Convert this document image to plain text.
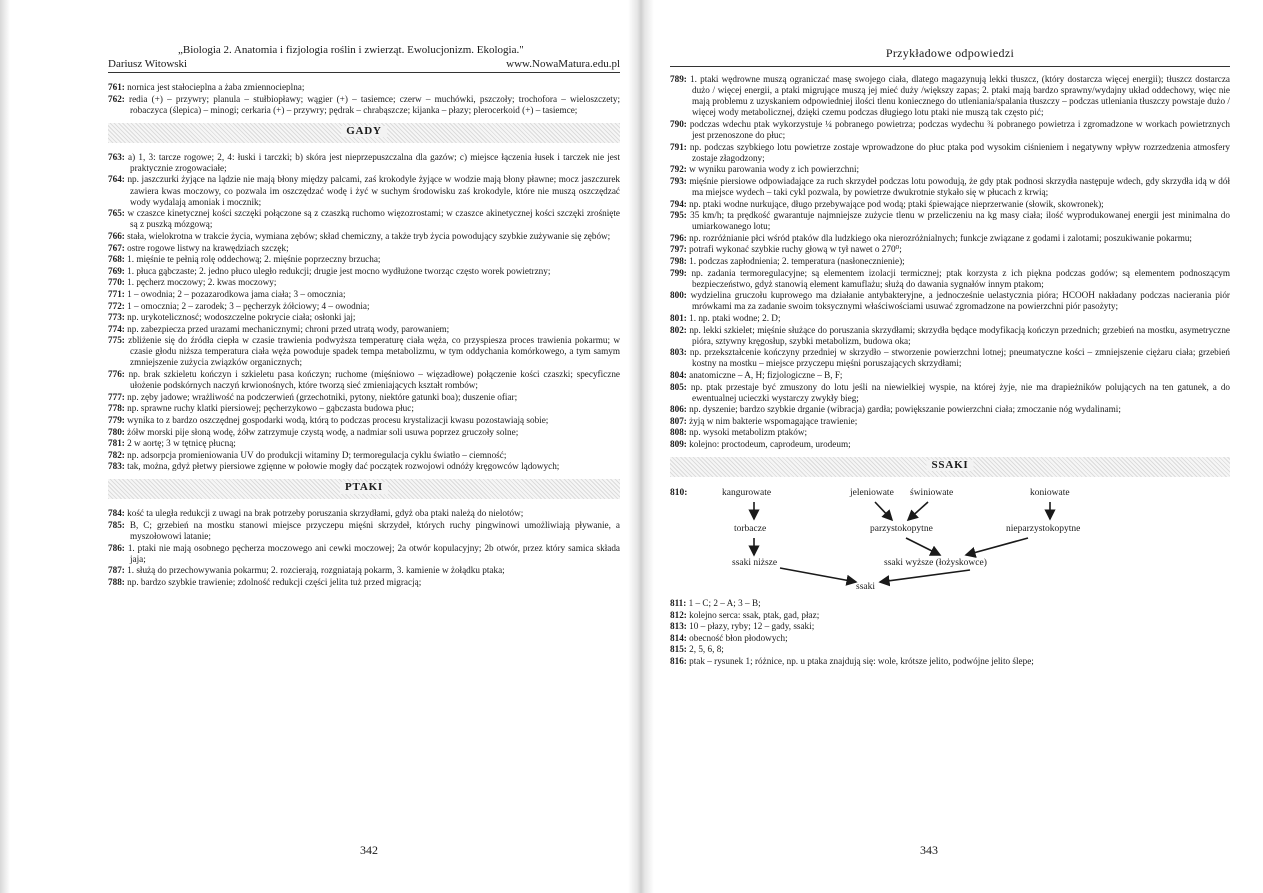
„Biologia 2. Anatomia i fizjologia roślin i zwierząt. Ewolucjonizm. Ekologia."
Dariusz Witowski	www.NowaMatura.edu.pl

761: nornica jest stałocieplna a żaba zmiennocieplna;

762: redia (+) – przywry; planula – stułbiopławy; wągier (+) – tasiemce; czerw – muchówki, pszczoły; trochofora – wieloszczety; robaczyca (ślepica) – minogi; cerkaria (+) – przywry; pędrak – chrabąszcze; kijanka – płazy; plerocerkoid (+) – tasiemce;

GADY

763: a) 1, 3: tarcze rogowe; 2, 4: łuski i tarczki; b) skóra jest nieprzepuszczalna dla gazów; c) miejsce łączenia łusek i tarczek nie jest praktycznie zrogowaciałe;

764: np. jaszczurki żyjące na lądzie nie mają błony między palcami, zaś krokodyle żyjące w wodzie mają błony pławne; mocz jaszczurek zawiera kwas moczowy, co pozwala im oszczędzać wodę i żyć w suchym środowisku zaś krokodyle, które nie muszą oszczędzać wody wydalają amoniak i mocznik;

765: w czaszce kinetycznej kości szczęki połączone są z czaszką ruchomo więzozrostami; w czaszce akinetycznej kości szczęki zrośnięte są z puszką mózgową;

766: stała, wielokrotna w trakcie życia, wymiana zębów; skład chemiczny, a także tryb życia powodujący szybkie zużywanie się zębów;

767: ostre rogowe listwy na krawędziach szczęk;

768: 1. mięśnie te pełnią rolę oddechową; 2. mięśnie poprzeczny brzucha;

769: 1. płuca gąbczaste; 2. jedno płuco uległo redukcji; drugie jest mocno wydłużone tworząc często worek powietrzny;

770: 1. pęcherz moczowy; 2. kwas moczowy;

771: 1 – owodnia; 2 – pozazarodkowa jama ciała; 3 – omocznia;

772: 1 – omocznia; 2 – zarodek; 3 – pęcherzyk żółciowy; 4 – owodnia;

773: np. urykotelicznosć; wodoszczelne pokrycie ciała; osłonki jaj;

774: np. zabezpiecza przed urazami mechanicznymi; chroni przed utratą wody, parowaniem;

775: zbliżenie się do źródła ciepła w czasie trawienia podwyższa temperaturę ciała węża, co przyspiesza proces trawienia pokarmu; w czasie głodu niższa temperatura ciała węża powoduje spadek tempa metabolizmu, w tym oddychania komórkowego, a tym samym zmniejszenie zużycia związków organicznych;

776: np. brak szkieletu kończyn i szkieletu pasa kończyn; ruchome (mięśniowo – więzadłowe) połączenie kości czaszki; specyficzne ułożenie podskórnych naczyń krwionośnych, które tworzą sieć zmieniających kształt rombów;

777: np. zęby jadowe; wrażliwość na podczerwień (grzechotniki, pytony, niektóre gatunki boa); duszenie ofiar;

778: np. sprawne ruchy klatki piersiowej; pęcherzykowo – gąbczasta budowa płuc;

779: wynika to z bardzo oszczędnej gospodarki wodą, którą to podczas procesu krystalizacji kwasu pozostawiają sobie;

780: żółw morski pije słoną wodę, żółw zatrzymuje czystą wodę, a nadmiar soli usuwa poprzez gruczoły solne;

781: 2 w aortę; 3 w tętnicę płucną;

782: np. adsorpcja promieniowania UV do produkcji witaminy D; termoregulacja cyklu światło – ciemność;

783: tak, można, gdyż płetwy piersiowe zgięnne w połowie mogły dać początek rozwojowi odnóży kręgowców lądowych;

PTAKI

784: kość ta uległa redukcji z uwagi na brak potrzeby poruszania skrzydłami, gdyż oba ptaki należą do nielotów;

785: B, C; grzebień na mostku stanowi miejsce przyczepu mięśni skrzydeł, których ruchy pingwinowi umożliwiają pływanie, a myszołowowi latanie;

786: 1. ptaki nie mają osobnego pęcherza moczowego ani cewki moczowej; 2a otwór kopulacyjny; 2b otwór, przez który samica składa jaja;

787: 1. służą do przechowywania pokarmu; 2. rozcierają, rozgniatają pokarm, 3. kamienie w żołądku ptaka;

788: np. bardzo szybkie trawienie; zdolność redukcji części jelita tuż przed migracją;

342
Przykładowe odpowiedzi

789: 1. ptaki wędrowne muszą ograniczać masę swojego ciała, dlatego magazynują lekki tłuszcz, (który dostarcza więcej energii); tłuszcz dostarcza dużo / więcej energii, a ptaki migrujące muszą jej mieć duży /większy zapas; 2. ptaki mają bardzo sprawny/wydajny układ oddechowy, więc nie mają problemu z uzyskaniem odpowiedniej ilości tlenu koniecznego do utleniania/spalania tłuszczy – podczas utleniania tłuszczy powstaje dużo / więcej wody metabolicznej, dzięki czemu podczas długiego lotu ptaki nie muszą tak często pić;

790: podczas wdechu ptak wykorzystuje ¼ pobranego powietrza; podczas wydechu ¾ pobranego powietrza i zgromadzone w workach powietrznych jest przenoszone do płuc;

791: np. podczas szybkiego lotu powietrze zostaje wprowadzone do płuc ptaka pod wysokim ciśnieniem i negatywny wpływ rozrzedzenia atmosfery zostaje złagodzony;

792: w wyniku parowania wody z ich powierzchni;

793: mięśnie piersiowe odpowiadające za ruch skrzydeł podczas lotu powodują, że gdy ptak podnosi skrzydła następuje wdech, gdy skrzydła idą w dół ma miejsce wydech – taki cykl pozwala, by powietrze dwukrotnie stykało się w płucach z krwią;

794: np. ptaki wodne nurkujące, długo przebywające pod wodą; ptaki śpiewające nieprzerwanie (słowik, skowronek);

795: 35 km/h; ta prędkość gwarantuje najmniejsze zużycie tlenu w przeliczeniu na kg masy ciała; ilość wyprodukowanej energii jest minimalna do umiarkowanego lotu;

796: np. rozróżnianie płci wśród ptaków dla ludzkiego oka nierozróżnialnych; funkcje związane z godami i zalotami; poszukiwanie pokarmu;

797: potrafi wykonać szybkie ruchy głową w tył nawet o 270⁰;

798: 1. podczas zapłodnienia; 2. temperatura (nasłonecznienie);

799: np. zadania termoregulacyjne; są elementem izolacji termicznej; ptak korzysta z ich piękna podczas godów; są elementem podnoszącym bezpieczeństwo, gdyż stanowią element kamuflażu; służą do dawania sygnałów innym ptakom;

800: wydzielina gruczołu kuprowego ma działanie antybakteryjne, a jednocześnie uelastycznia pióra; HCOOH nakładany podczas nacierania piór mrówkami ma za zadanie swoim toksycznymi właściwościami usuwać zgromadzone na powierzchni piór pasożyty;

801: 1. np. ptaki wodne; 2. D;

802: np. lekki szkielet; mięśnie służące do poruszania skrzydłami; skrzydła będące modyfikacją kończyn przednich; grzebień na mostku, asymetryczne pióra, sztywny kręgosłup, szybki metabolizm, budowa oka;

803: np. przekształcenie kończyny przedniej w skrzydło – stworzenie powierzchni lotnej; pneumatyczne kości – zmniejszenie ciężaru ciała; grzebień kostny na mostku – miejsce przyczepu mięśni poruszających skrzydłami;

804: anatomiczne – A, H; fizjologiczne – B, F;

805: np. ptak przestaje być zmuszony do lotu jeśli na niewielkiej wyspie, na której żyje, nie ma drapieżników polujących na ten gatunek, a do ewentualnej ucieczki wystarczy zwykły bieg;

806: np. dyszenie; bardzo szybkie drganie (wibracja) gardła; powiększanie powierzchni ciała; zmoczanie nóg wydalinami;

807: żyją w nim bakterie wspomagające trawienie;

808: np. wysoki metabolizm ptaków;

809: kolejno: proctodeum, caprodeum, urodeum;

SSAKI
810:	kangurowate	jeleniowate świniowate	koniowate
torbacze	parzystokopytne	nieparzystokopytne
ssaki niższe	ssaki wyższe (łożyskowce)
ssaki

811: 1 – C; 2 – A; 3 – B;

812: kolejno serca: ssak, ptak, gad, płaz;

813: 10 – płazy, ryby; 12 – gady, ssaki;

814: obecność błon płodowych;

815: 2, 5, 6, 8;

816: ptak – rysunek 1; różnice, np. u ptaka znajdują się: wole, krótsze jelito, podwójne jelito ślepe;

343
